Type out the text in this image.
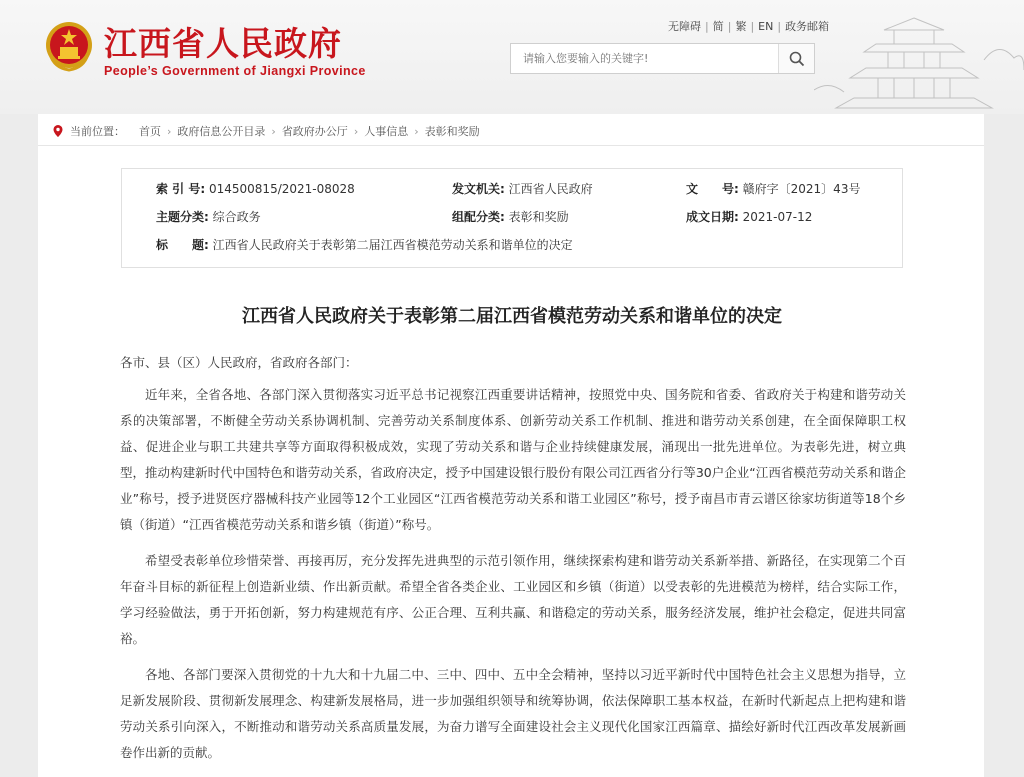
江西省人民政府
People’s Government of Jiangxi Province
无障碍 | 简 | 繁 | EN | 政务邮箱
请输入您要输入的关键字!
当前位置： 首页 › 政府信息公开目录 › 省政府办公厅 › 人事信息 › 表彰和奖励
索 引 号: 014500815/2021-08028	发文机关: 江西省人民政府	文　　号: 赣府字〔2021〕43号
主题分类: 综合政务	组配分类: 表彰和奖励	成文日期: 2021-07-12
标　　题: 江西省人民政府关于表彰第二届江西省模范劳动关系和谐单位的决定
江西省人民政府关于表彰第二届江西省模范劳动关系和谐单位的决定

各市、县（区）人民政府，省政府各部门：

近年来，全省各地、各部门深入贯彻落实习近平总书记视察江西重要讲话精神，按照党中央、国务院和省委、省政府关于构建和谐劳动关系的决策部署，不断健全劳动关系协调机制、完善劳动关系制度体系、创新劳动关系工作机制、推进和谐劳动关系创建，在全面保障职工权益、促进企业与职工共建共享等方面取得积极成效，实现了劳动关系和谐与企业持续健康发展，涌现出一批先进单位。为表彰先进，树立典型，推动构建新时代中国特色和谐劳动关系，省政府决定，授予中国建设银行股份有限公司江西省分行等30户企业“江西省模范劳动关系和谐企业”称号，授予进贤医疗器械科技产业园等12个工业园区“江西省模范劳动关系和谐工业园区”称号，授予南昌市青云谱区徐家坊街道等18个乡镇（街道）“江西省模范劳动关系和谐乡镇（街道）”称号。

希望受表彰单位珍惜荣誉、再接再厉，充分发挥先进典型的示范引领作用，继续探索构建和谐劳动关系新举措、新路径，在实现第二个百年奋斗目标的新征程上创造新业绩、作出新贡献。希望全省各类企业、工业园区和乡镇（街道）以受表彰的先进模范为榜样，结合实际工作，学习经验做法，勇于开拓创新，努力构建规范有序、公正合理、互利共赢、和谐稳定的劳动关系，服务经济发展，维护社会稳定，促进共同富裕。

各地、各部门要深入贯彻党的十九大和十九届二中、三中、四中、五中全会精神，坚持以习近平新时代中国特色社会主义思想为指导，立足新发展阶段、贯彻新发展理念、构建新发展格局，进一步加强组织领导和统筹协调，依法保障职工基本权益，在新时代新起点上把构建和谐劳动关系引向深入，不断推动和谐劳动关系高质量发展，为奋力谱写全面建设社会主义现代化国家江西篇章、描绘好新时代江西改革发展新画卷作出新的贡献。
